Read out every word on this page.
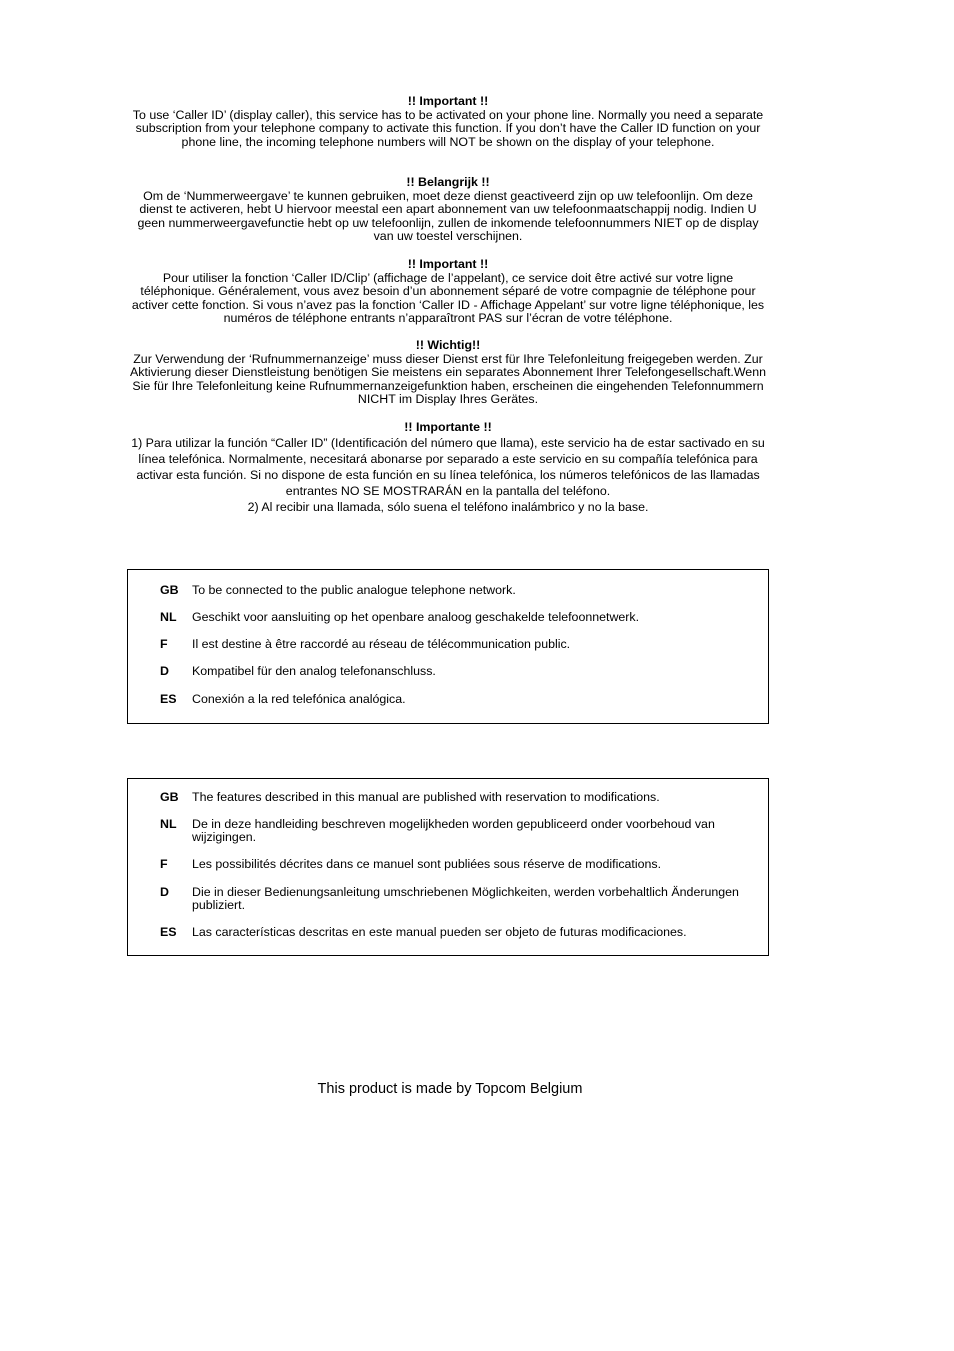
!! Important !!

To use ‘Caller ID’ (display caller), this service has to be activated on your phone line. Normally you need a separate subscription from your telephone company to activate this function. If you don’t have the Caller ID function on your phone line, the incoming telephone numbers will NOT be shown on the display of your telephone.

!! Belangrijk !!

Om de ‘Nummerweergave’ te kunnen gebruiken, moet deze dienst geactiveerd zijn op uw telefoonlijn. Om deze dienst te activeren, hebt U hiervoor meestal een apart abonnement van uw telefoonmaatschappij nodig. Indien U geen nummerweergavefunctie hebt op uw telefoonlijn, zullen de inkomende telefoonnummers NIET op de display van uw toestel verschijnen.

!! Important !!

Pour utiliser la fonction ‘Caller ID/Clip’ (affichage de l’appelant), ce service doit être activé sur votre ligne téléphonique. Généralement, vous avez besoin d’un abonnement séparé de votre compagnie de téléphone pour activer cette fonction. Si vous n’avez pas la fonction ‘Caller ID - Affichage Appelant’ sur votre ligne téléphonique, les numéros de téléphone entrants n’apparaîtront PAS sur l’écran de votre téléphone.

!! Wichtig!!

Zur Verwendung der ‘Rufnummernanzeige’ muss dieser Dienst erst für Ihre Telefonleitung freigegeben werden. Zur Aktivierung dieser Dienstleistung benötigen Sie meistens ein separates Abonnement Ihrer Telefongesellschaft.Wenn Sie für Ihre Telefonleitung keine Rufnummernanzeigefunktion haben, erscheinen die eingehenden Telefonnummern NICHT im Display Ihres Gerätes.

!! Importante !!

1) Para utilizar la función “Caller ID” (Identificación del número que llama), este servicio ha de estar sactivado en su línea telefónica. Normalmente, necesitará abonarse por separado a este servicio en su compañía telefónica para activar esta función. Si no dispone de esta función en su línea telefónica, los números telefónicos de las llamadas entrantes NO SE MOSTRARÁN en la pantalla del teléfono.

2) Al recibir una llamada, sólo suena el teléfono inalámbrico y no la base.

GB To be connected to the public analogue telephone network.
NL Geschikt voor aansluiting op het openbare analoog geschakelde telefoonnetwerk.
F Il est destine à être raccordé au réseau de télécommunication public.
D Kompatibel für den analog telefonanschluss.
ES Conexión a la red telefónica analógica.
GB The features described in this manual are published with reservation to modifications.
NL De in deze handleiding beschreven mogelijkheden worden gepubliceerd onder voorbehoud van wijzigingen.
F Les possibilités décrites dans ce manuel sont publiées sous réserve de modifications.
D Die in dieser Bedienungsanleitung umschriebenen Möglichkeiten, werden vorbehaltlich Änderungen publiziert.
ES Las características descritas en este manual pueden ser objeto de futuras modificaciones.
This product is made by Topcom Belgium
